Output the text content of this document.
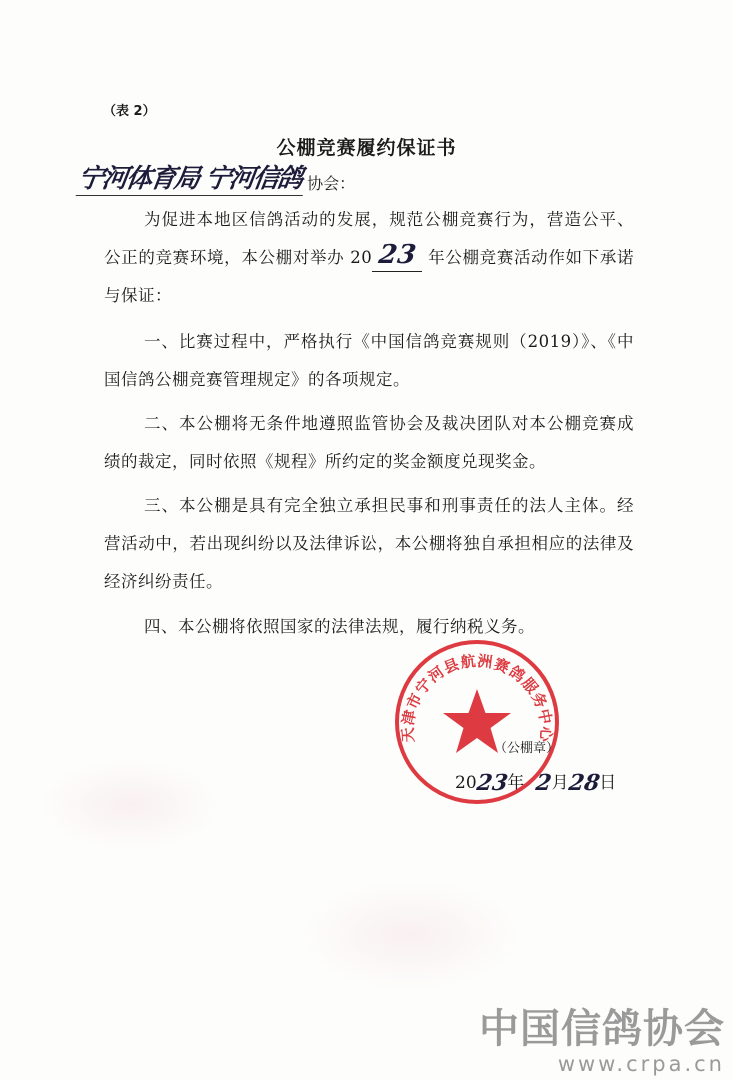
（表 2）
公棚竞赛履约保证书
宁河体育局 宁河信鸽 协会：
为促进本地区信鸽活动的发展，规范公棚竞赛行为，营造公平、公正的竞赛环境，本公棚对举办 20 23 年公棚竞赛活动作如下承诺与保证：
一、比赛过程中，严格执行《中国信鸽竞赛规则（2019）》、《中国信鸽公棚竞赛管理规定》的各项规定。
二、本公棚将无条件地遵照监管协会及裁决团队对本公棚竞赛成绩的裁定，同时依照《规程》所约定的奖金额度兑现奖金。
三、本公棚是具有完全独立承担民事和刑事责任的法人主体。经营活动中，若出现纠纷以及法律诉讼，本公棚将独自承担相应的法律及经济纠纷责任。
四、本公棚将依照国家的法律法规，履行纳税义务。
天津市宁河县航洲赛鸽服务中心
（公棚章）
20
23
年 2
月
28
日
中国信鸽协会
www.crpa.cn
